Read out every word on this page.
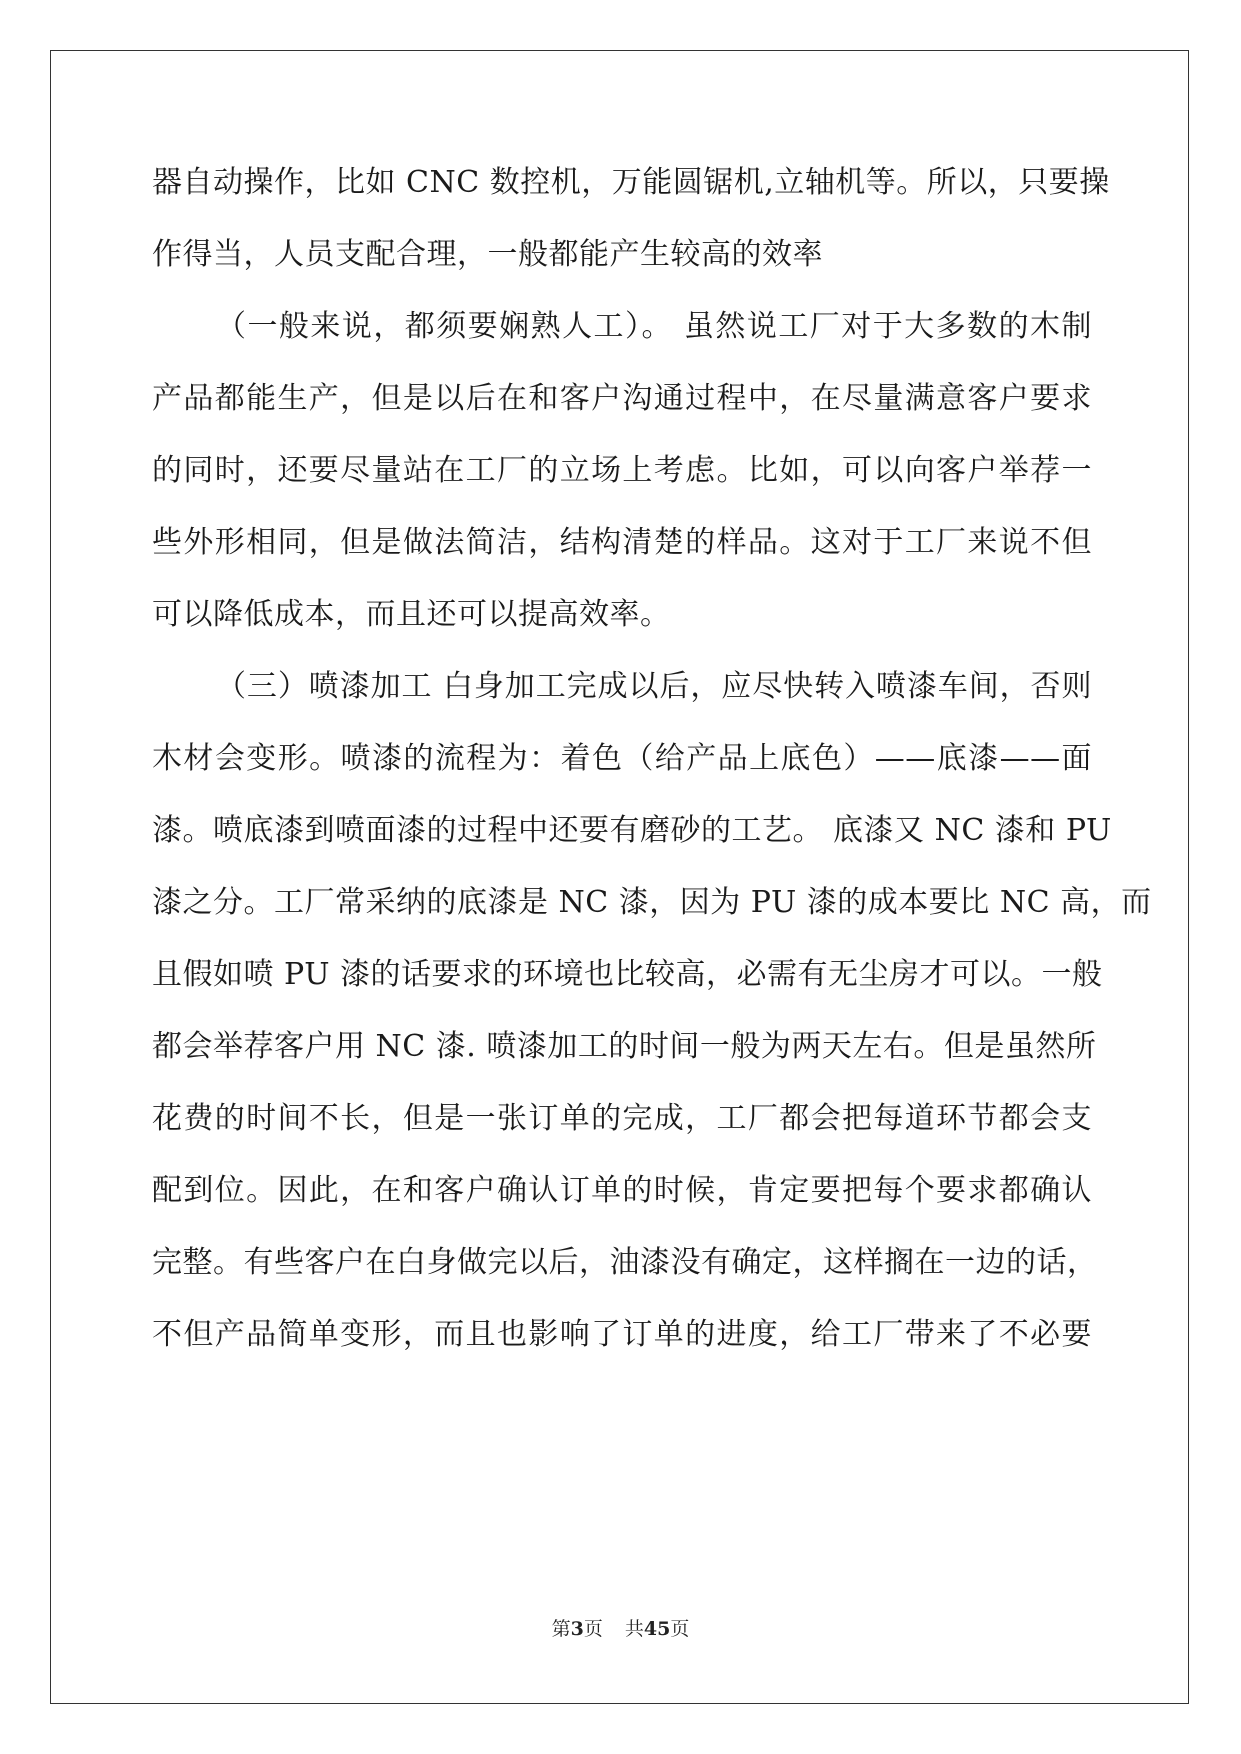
器自动操作，比如 CNC 数控机，万能圆锯机,立轴机等。所以，只要操
作得当，人员支配合理，一般都能产生较高的效率
（一般来说，都须要娴熟人工）。 虽然说工厂对于大多数的木制
产品都能生产，但是以后在和客户沟通过程中，在尽量满意客户要求
的同时，还要尽量站在工厂的立场上考虑。比如，可以向客户举荐一
些外形相同，但是做法简洁，结构清楚的样品。这对于工厂来说不但
可以降低成本，而且还可以提高效率。
（三）喷漆加工 白身加工完成以后，应尽快转入喷漆车间，否则
木材会变形。喷漆的流程为：着色（给产品上底色）——底漆——面
漆。喷底漆到喷面漆的过程中还要有磨砂的工艺。 底漆又 NC 漆和 PU
漆之分。工厂常采纳的底漆是 NC 漆，因为 PU 漆的成本要比 NC 高，而
且假如喷 PU 漆的话要求的环境也比较高，必需有无尘房才可以。一般
都会举荐客户用 NC 漆. 喷漆加工的时间一般为两天左右。但是虽然所
花费的时间不长，但是一张订单的完成，工厂都会把每道环节都会支
配到位。因此，在和客户确认订单的时候，肯定要把每个要求都确认
完整。有些客户在白身做完以后，油漆没有确定，这样搁在一边的话，
不但产品简单变形，而且也影响了订单的进度，给工厂带来了不必要
第3页 共45页
